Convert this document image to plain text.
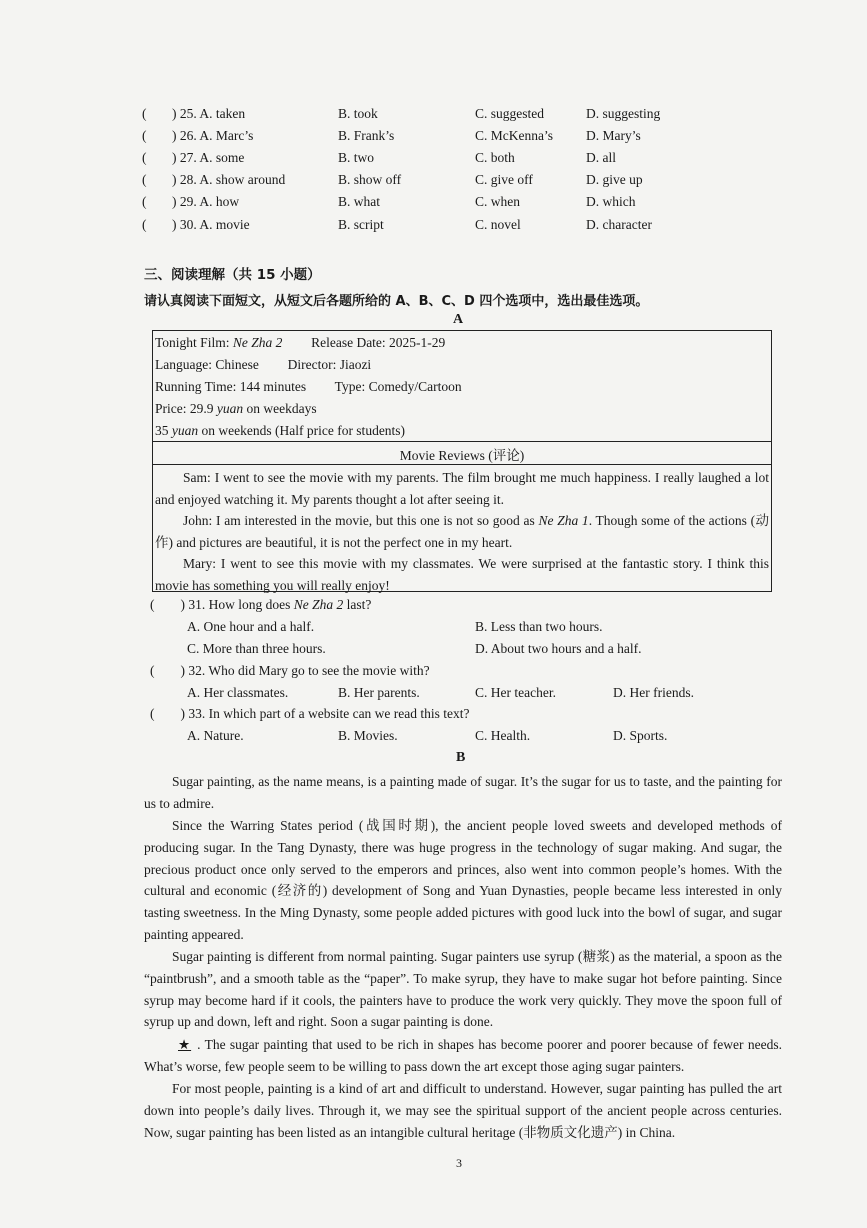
( ) 25. A. taken	B. took	C. suggested	D. suggesting
( ) 26. A. Marc’s	B. Frank’s	C. McKenna’s D. Mary’s
( ) 27. A. some	B. two	C. both	D. all
( ) 28. A. show around	B. show off	C. give off	D. give up
( ) 29. A. how	B. what	C. when	D. which
( ) 30. A. movie	B. script	C. novel	D. character
三、阅读理解（共 15 小题）
请认真阅读下面短文，从短文后各题所给的 A、B、C、D 四个选项中，选出最佳选项。
A
Tonight Film: Ne Zha 2 Release Date: 2025-1-29
Language: Chinese Director: Jiaozi
Running Time: 144 minutes Type: Comedy/Cartoon
Price: 29.9 yuan on weekdays
35 yuan on weekends (Half price for students)
Movie Reviews (评论)
Sam: I went to see the movie with my parents. The film brought me much happiness. I really laughed a lot and enjoyed watching it. My parents thought a lot after seeing it.
John: I am interested in the movie, but this one is not so good as Ne Zha 1. Though some of the actions (动作) and pictures are beautiful, it is not the perfect one in my heart.
Mary: I went to see this movie with my classmates. We were surprised at the fantastic story. I think this movie has something you will really enjoy!
( ) 31. How long does Ne Zha 2 last?
A. One hour and a half.	B. Less than two hours.
C. More than three hours.	D. About two hours and a half.
( ) 32. Who did Mary go to see the movie with?
A. Her classmates.	B. Her parents.	C. Her teacher.	D. Her friends.
( ) 33. In which part of a website can we read this text?
A. Nature.	B. Movies.	C. Health.	D. Sports.
B
Sugar painting, as the name means, is a painting made of sugar. It’s the sugar for us to taste, and the painting for us to admire.
Since the Warring States period (战国时期), the ancient people loved sweets and developed methods of producing sugar. In the Tang Dynasty, there was huge progress in the technology of sugar making. And sugar, the precious product once only served to the emperors and princes, also went into common people’s homes. With the cultural and economic (经济的) development of Song and Yuan Dynasties, people became less interested in only tasting sweetness. In the Ming Dynasty, some people added pictures with good luck into the bowl of sugar, and sugar painting appeared.
Sugar painting is different from normal painting. Sugar painters use syrup (糖浆) as the material, a spoon as the “paintbrush”, and a smooth table as the “paper”. To make syrup, they have to make sugar hot before painting. Since syrup may become hard if it cools, the painters have to produce the work very quickly. They move the spoon full of syrup up and down, left and right. Soon a sugar painting is done.
★ . The sugar painting that used to be rich in shapes has become poorer and poorer because of fewer needs. What’s worse, few people seem to be willing to pass down the art except those aging sugar painters.
For most people, painting is a kind of art and difficult to understand. However, sugar painting has pulled the art down into people’s daily lives. Through it, we may see the spiritual support of the ancient people across centuries. Now, sugar painting has been listed as an intangible cultural heritage (非物质文化遗产) in China.
3
